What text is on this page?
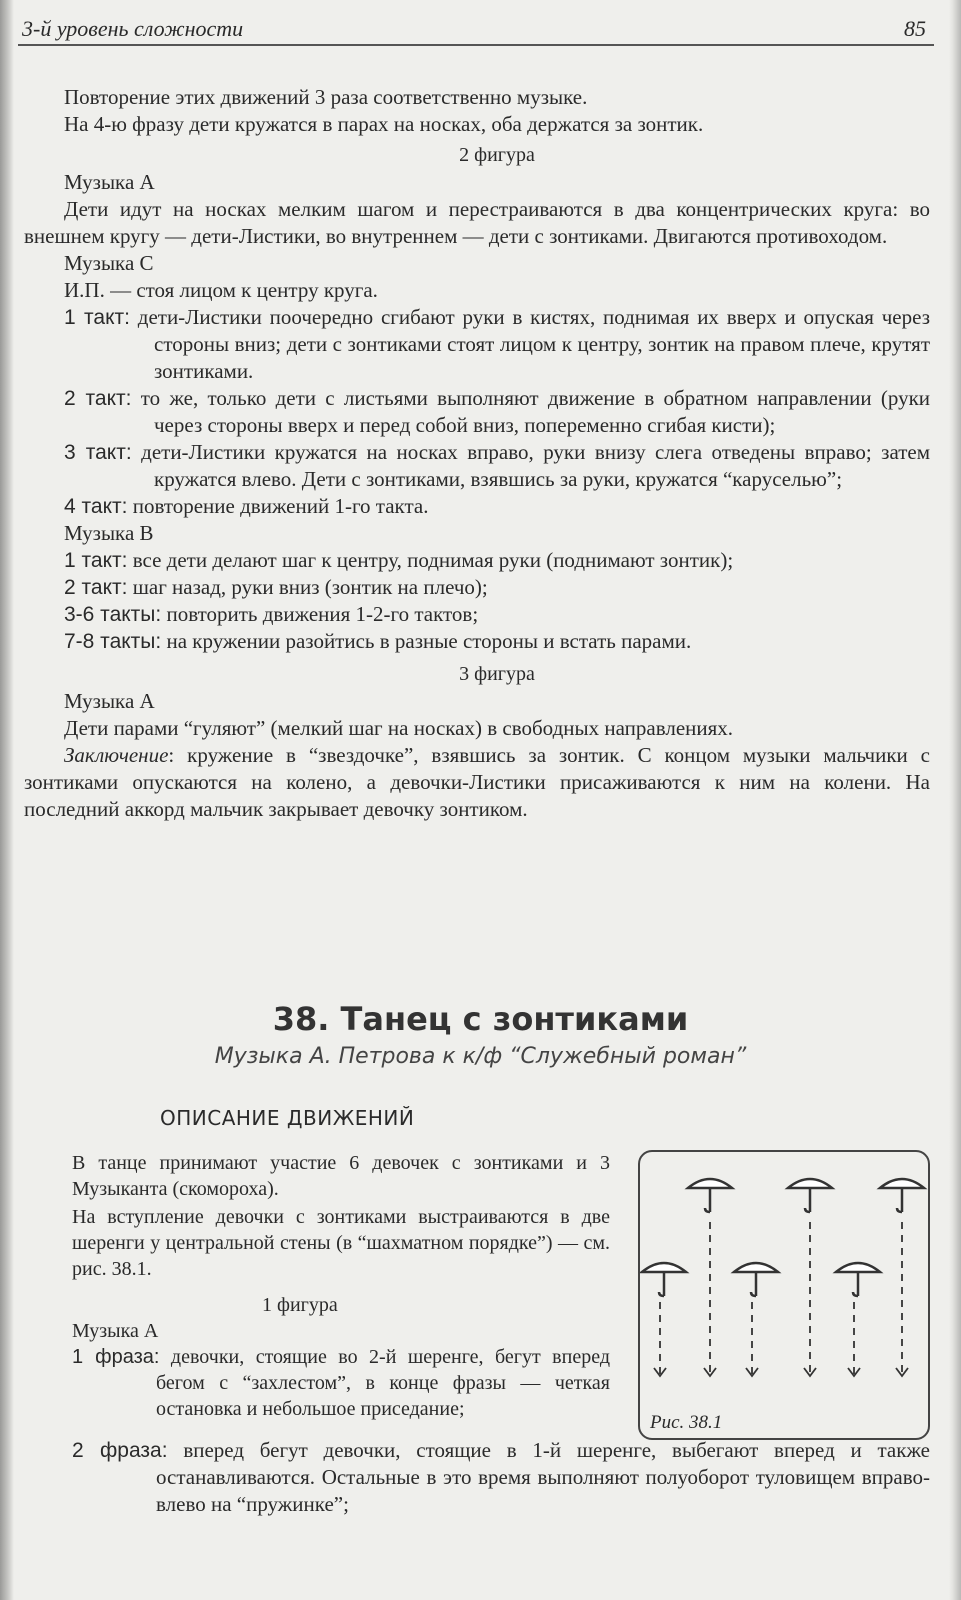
3-й уровень сложности	85

Повторение этих движений 3 раза соответственно музыке.

На 4-ю фразу дети кружатся в парах на носках, оба держатся за зонтик.

2 фигура

Музыка А

Дети идут на носках мелким шагом и перестраиваются в два концентрических круга: во внешнем кругу — дети-Листики, во внутреннем — дети с зонтиками. Двигаются противоходом.

Музыка С

И.П. — стоя лицом к центру круга.

1 такт: дети-Листики поочередно сгибают руки в кистях, поднимая их вверх и опуская через стороны вниз; дети с зонтиками стоят лицом к центру, зонтик на правом плече, крутят зонтиками.

2 такт: то же, только дети с листьями выполняют движение в обратном направлении (руки через стороны вверх и перед собой вниз, попеременно сгибая кисти);

3 такт: дети-Листики кружатся на носках вправо, руки внизу слега отведены вправо; затем кружатся влево. Дети с зонтиками, взявшись за руки, кружатся “каруселью”;

4 такт: повторение движений 1-го такта.

Музыка В

1 такт: все дети делают шаг к центру, поднимая руки (поднимают зонтик);

2 такт: шаг назад, руки вниз (зонтик на плечо);

3-6 такты: повторить движения 1-2-го тактов;

7-8 такты: на кружении разойтись в разные стороны и встать парами.

3 фигура

Музыка А

Дети парами “гуляют” (мелкий шаг на носках) в свободных направлениях.

Заключение: кружение в “звездочке”, взявшись за зонтик. С концом музыки мальчики с зонтиками опускаются на колено, а девочки-Листики присаживаются к ним на колени. На последний аккорд мальчик закрывает девочку зонтиком.

38. Танец с зонтиками
Музыка А. Петрова к к/ф “Служебный роман”
ОПИСАНИЕ ДВИЖЕНИЙ

В танце принимают участие 6 девочек с зонтиками и 3 Музыканта (скомороха).

На вступление девочки с зонтиками выстраиваются в две шеренги у центральной стены (в “шахматном порядке”) — см. рис. 38.1.

1 фигура

Музыка А

1 фраза: девочки, стоящие во 2-й шеренге, бегут вперед бегом с “захлестом”, в конце фразы — четкая остановка и небольшое приседание;

Рис. 38.1

2 фраза: вперед бегут девочки, стоящие в 1-й шеренге, выбегают вперед и также останавливаются. Остальные в это время выполняют полуоборот туловищем вправо-влево на “пружинке”;
